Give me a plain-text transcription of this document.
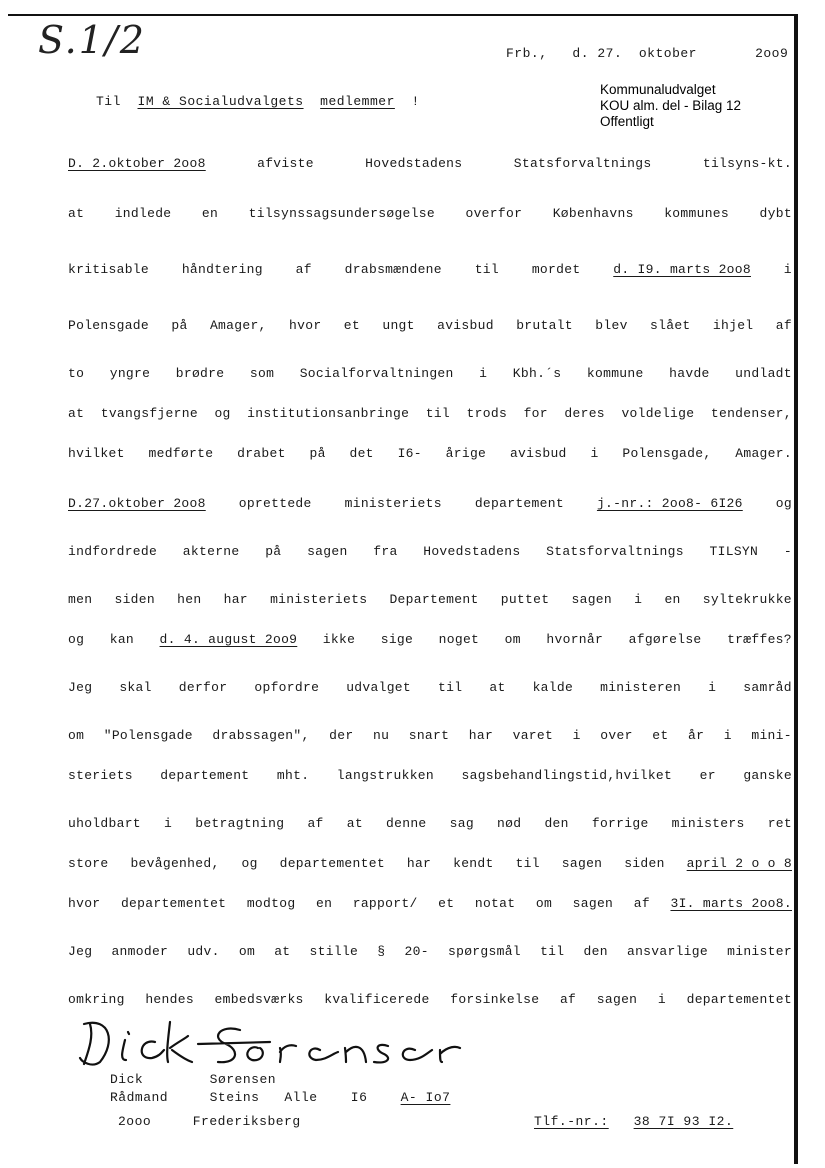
S.1/2	Frb., d. 27. oktober	2oo9
Kommunaludvalget
KOU alm. del - Bilag 12
Offentligt
Til IM & Socialudvalgets medlemmer !
D. 2.oktober 2oo8	afviste	Hovedstadens	Statsforvaltnings	tilsyns-kt.
at indlede en tilsynssagsundersøgelse overfor Københavns kommunes dybt
kritisable	håndtering	af	drabsmændene	til	mordet	d. I9. marts 2oo8	i
Polensgade på Amager, hvor et ungt avisbud brutalt blev slået ihjel af
to yngre brødre som Socialforvaltningen i Kbh.´s kommune havde undladt
at tvangsfjerne og institutionsanbringe til trods for deres voldelige tendenser,
hvilket medførte drabet på det I6- årige avisbud i Polensgade, Amager.
D.27.oktober 2oo8	oprettede	ministeriets	departement	j.-nr.: 2oo8- 6I26	og
indfordrede akterne på sagen fra Hovedstadens Statsforvaltnings TILSYN -
men siden hen har ministeriets Departement puttet sagen i en syltekrukke
og kan d. 4. august 2oo9 ikke sige noget om hvornår afgørelse træffes?
Jeg skal derfor opfordre udvalget til at kalde ministeren i samråd
om "Polensgade drabssagen", der nu snart har varet i over et år i mini-
steriets departement mht. langstrukken sagsbehandlingstid,hvilket er ganske
uholdbart i betragtning af at denne sag nød den forrige ministers ret
store bevågenhed, og departementet har kendt til sagen siden april 2 o o 8
hvor departementet modtog en rapport/ et notat om sagen af 3I. marts 2oo8.
Jeg anmoder udv. om at stille § 20- spørgsmål til den ansvarlige minister
omkring hendes embedsværks kvalificerede forsinkelse af sagen i departementet
Dick	Sørensen
Rådmand	Steins Alle	I6	A- Io7
2ooo	Frederiksberg	Tlf.-nr.: 38 7I 93 I2.
